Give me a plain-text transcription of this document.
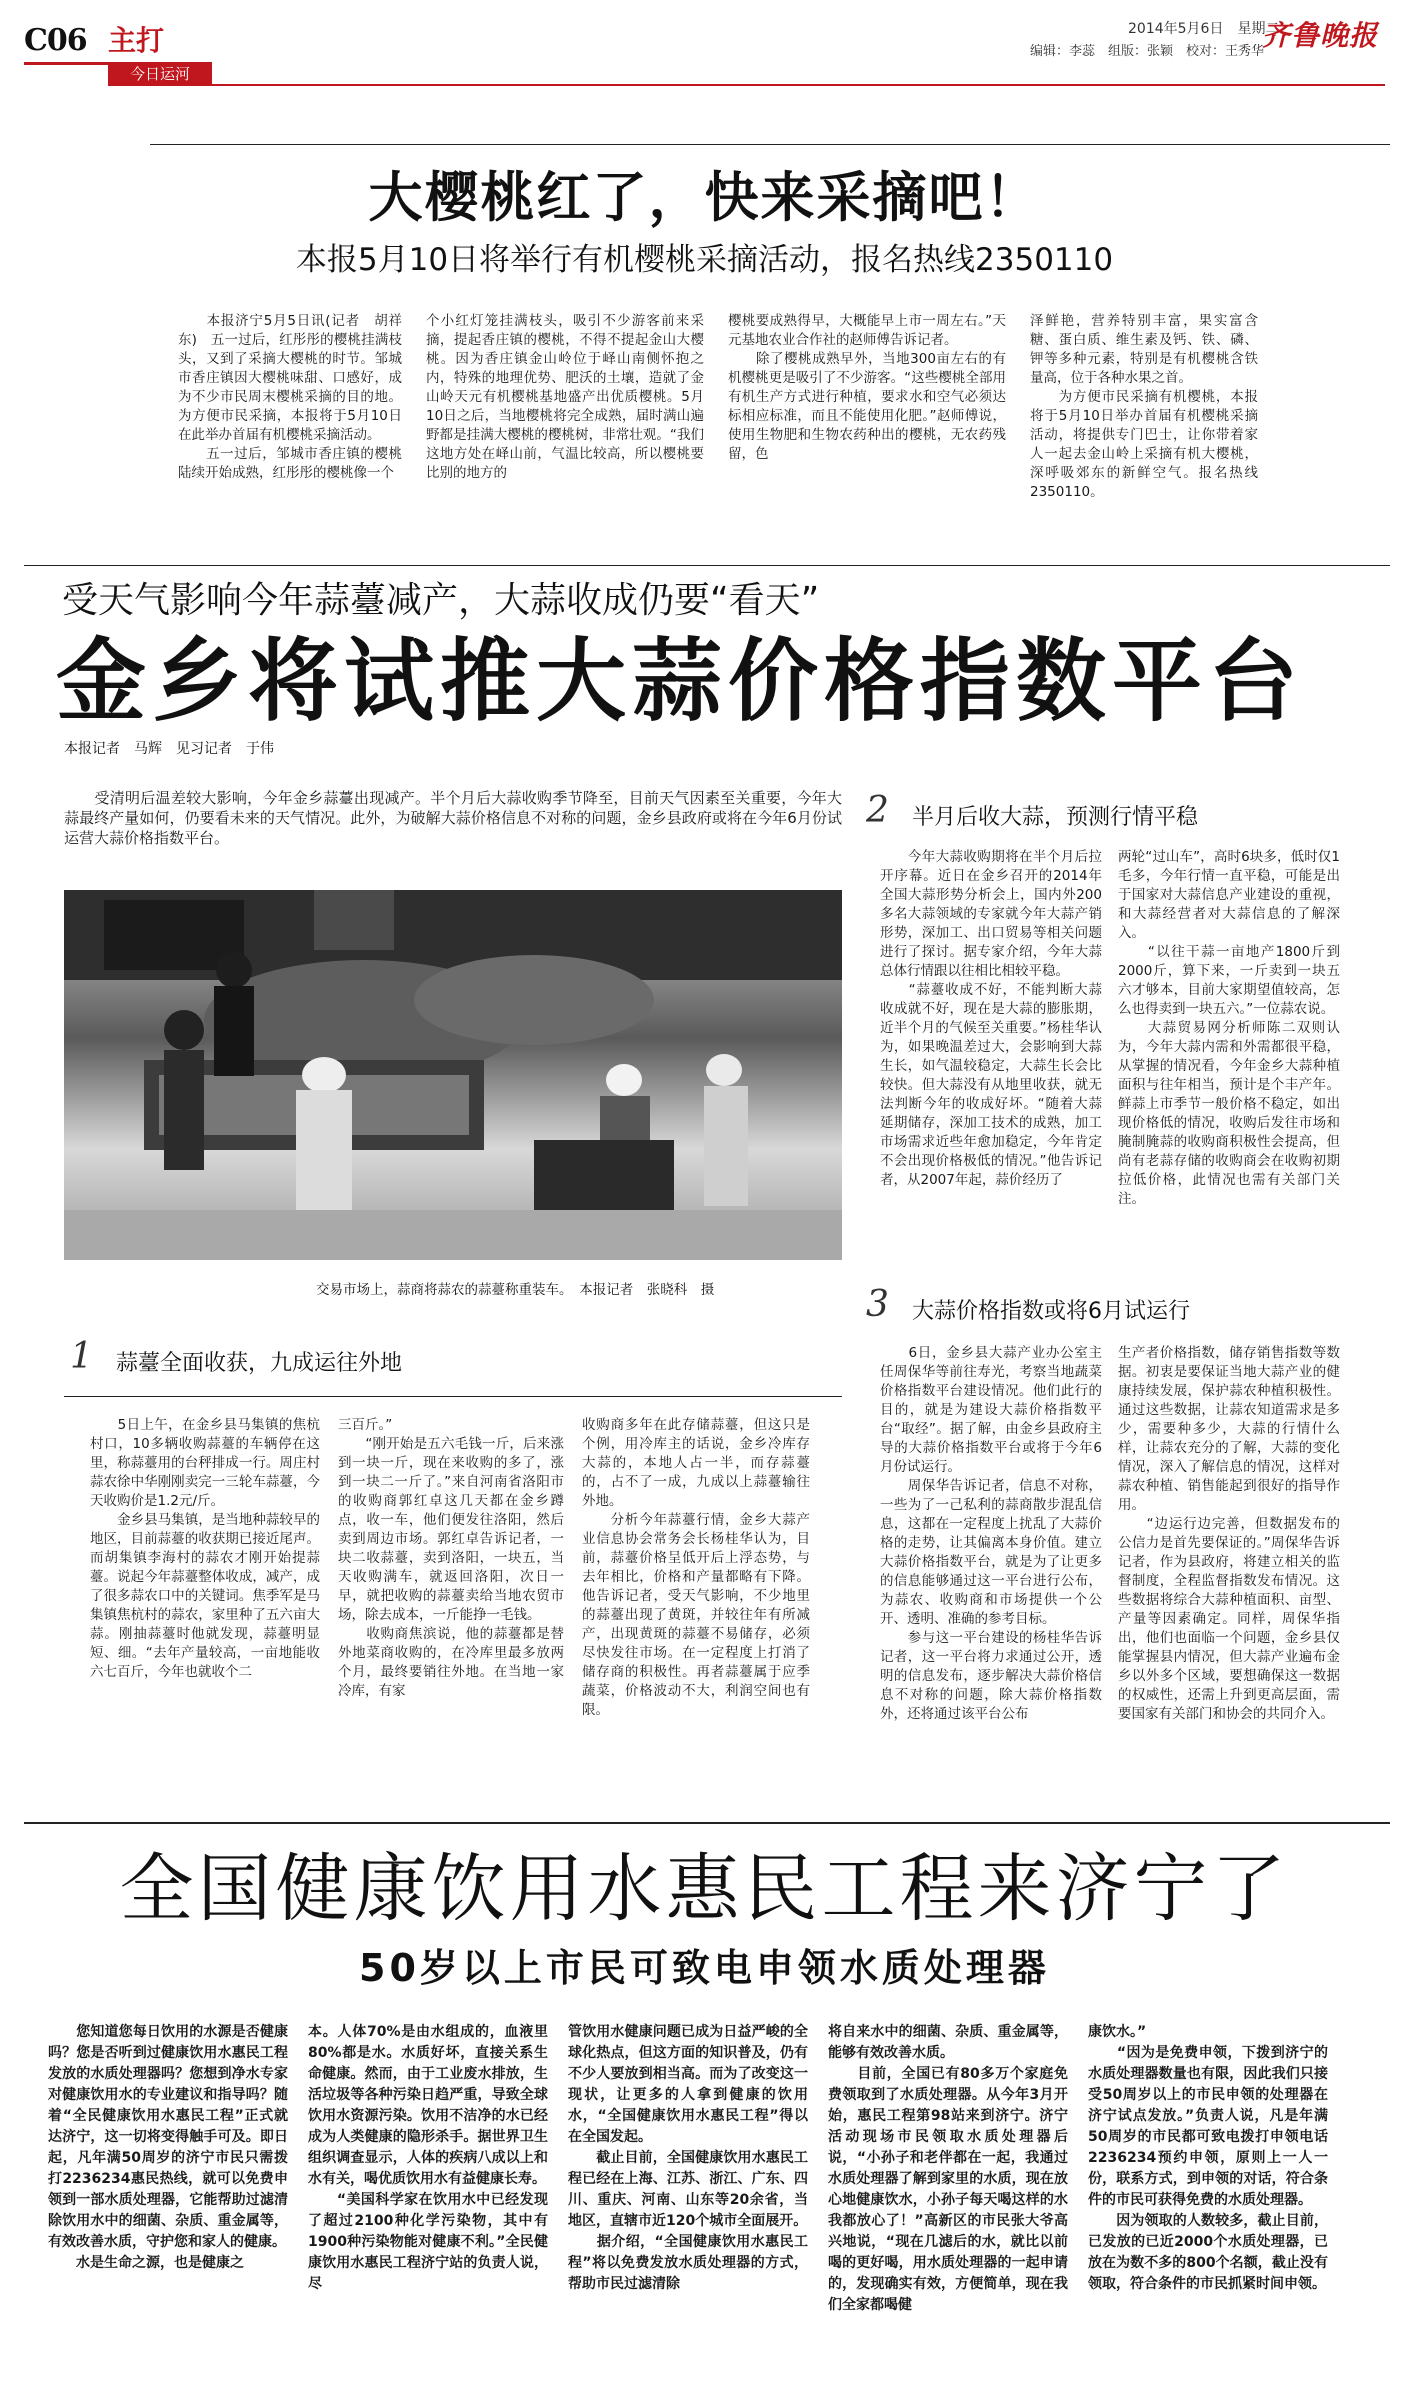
C06 主打
今日运河
2014年5月6日　星期二
编辑：李蕊　组版：张颖　校对：王秀华
齐鲁晚报
大樱桃红了，快来采摘吧！
本报5月10日将举行有机樱桃采摘活动，报名热线2350110
　　本报济宁5月5日讯(记者　胡祥东)　五一过后，红彤彤的樱桃挂满枝头，又到了采摘大樱桃的时节。邹城市香庄镇因大樱桃味甜、口感好，成为不少市民周末樱桃采摘的目的地。为方便市民采摘，本报将于5月10日在此举办首届有机樱桃采摘活动。
　　五一过后，邹城市香庄镇的樱桃陆续开始成熟，红彤彤的樱桃像一个
个小红灯笼挂满枝头，吸引不少游客前来采摘，提起香庄镇的樱桃，不得不提起金山大樱桃。因为香庄镇金山岭位于峄山南侧怀抱之内，特殊的地理优势、肥沃的土壤，造就了金山岭天元有机樱桃基地盛产出优质樱桃。5月10日之后，当地樱桃将完全成熟，届时满山遍野都是挂满大樱桃的樱桃树，非常壮观。“我们这地方处在峄山前，气温比较高，所以樱桃要比别的地方的
樱桃要成熟得早，大概能早上市一周左右。”天元基地农业合作社的赵师傅告诉记者。
　　除了樱桃成熟早外，当地300亩左右的有机樱桃更是吸引了不少游客。“这些樱桃全部用有机生产方式进行种植，要求水和空气必须达标相应标准，而且不能使用化肥。”赵师傅说，使用生物肥和生物农药种出的樱桃，无农药残留，色
泽鲜艳，营养特别丰富，果实富含糖、蛋白质、维生素及钙、铁、磷、钾等多种元素，特别是有机樱桃含铁量高，位于各种水果之首。
　　为方便市民采摘有机樱桃，本报将于5月10日举办首届有机樱桃采摘活动，将提供专门巴士，让你带着家人一起去金山岭上采摘有机大樱桃，深呼吸郊东的新鲜空气。报名热线2350110。
受天气影响今年蒜薹减产，大蒜收成仍要“看天”
金乡将试推大蒜价格指数平台
本报记者　马辉　见习记者　于伟
　　受清明后温差较大影响，今年金乡蒜薹出现减产。半个月后大蒜收购季节降至，目前天气因素至关重要，今年大蒜最终产量如何，仍要看未来的天气情况。此外，为破解大蒜价格信息不对称的问题，金乡县政府或将在今年6月份试运营大蒜价格指数平台。
交易市场上，蒜商将蒜农的蒜薹称重装车。　本报记者　张晓科　摄
1 蒜薹全面收获，九成运往外地
　　5日上午，在金乡县马集镇的焦杭村口，10多辆收购蒜薹的车辆停在这里，称蒜薹用的台秤排成一行。周庄村蒜农徐中华刚刚卖完一三轮车蒜薹，今天收购价是1.2元/斤。
　　金乡县马集镇，是当地种蒜较早的地区，目前蒜薹的收获期已接近尾声。而胡集镇李海村的蒜农才刚开始提蒜薹。说起今年蒜薹整体收成，减产，成了很多蒜农口中的关键词。焦季军是马集镇焦杭村的蒜农，家里种了五六亩大蒜。刚抽蒜薹时他就发现，蒜薹明显短、细。“去年产量较高，一亩地能收六七百斤，今年也就收个二
三百斤。”
　　“刚开始是五六毛钱一斤，后来涨到一块一斤，现在来收购的多了，涨到一块二一斤了。”来自河南省洛阳市的收购商郭红卓这几天都在金乡蹲点，收一车，他们便发往洛阳，然后卖到周边市场。郭红卓告诉记者，一块二收蒜薹，卖到洛阳，一块五，当天收购满车，就返回洛阳，次日一早，就把收购的蒜薹卖给当地农贸市场，除去成本，一斤能挣一毛钱。
　　收购商焦滨说，他的蒜薹都是替外地菜商收购的，在冷库里最多放两个月，最终要销往外地。在当地一家冷库，有家
收购商多年在此存储蒜薹，但这只是个例，用冷库主的话说，金乡冷库存大蒜的，本地人占一半，而存蒜薹的，占不了一成，九成以上蒜薹输往外地。
　　分析今年蒜薹行情，金乡大蒜产业信息协会常务会长杨桂华认为，目前，蒜薹价格呈低开后上浮态势，与去年相比，价格和产量都略有下降。他告诉记者，受天气影响，不少地里的蒜薹出现了黄斑，并较往年有所减产，出现黄斑的蒜薹不易储存，必须尽快发往市场。在一定程度上打消了储存商的积极性。再者蒜薹属于应季蔬菜，价格波动不大，利润空间也有限。
2 半月后收大蒜，预测行情平稳
　　今年大蒜收购期将在半个月后拉开序幕。近日在金乡召开的2014年全国大蒜形势分析会上，国内外200多名大蒜领域的专家就今年大蒜产销形势，深加工、出口贸易等相关问题进行了探讨。据专家介绍，今年大蒜总体行情跟以往相比相较平稳。
　　“蒜薹收成不好，不能判断大蒜收成就不好，现在是大蒜的膨胀期，近半个月的气候至关重要。”杨桂华认为，如果晚温差过大，会影响到大蒜生长，如气温较稳定，大蒜生长会比较快。但大蒜没有从地里收获，就无法判断今年的收成好坏。“随着大蒜延期储存，深加工技术的成熟，加工市场需求近些年愈加稳定，今年肯定不会出现价格极低的情况。”他告诉记者，从2007年起，蒜价经历了
两轮“过山车”，高时6块多，低时仅1毛多，今年行情一直平稳，可能是出于国家对大蒜信息产业建设的重视，和大蒜经营者对大蒜信息的了解深入。
　　“以往干蒜一亩地产1800斤到2000斤，算下来，一斤卖到一块五六才够本，目前大家期望值较高，怎么也得卖到一块五六。”一位蒜农说。
　　大蒜贸易网分析师陈二双则认为，今年大蒜内需和外需都很平稳，从掌握的情况看，今年金乡大蒜种植面积与往年相当，预计是个丰产年。鲜蒜上市季节一般价格不稳定，如出现价格低的情况，收购后发往市场和腌制腌蒜的收购商积极性会提高，但尚有老蒜存储的收购商会在收购初期拉低价格，此情况也需有关部门关注。
3 大蒜价格指数或将6月试运行
　　6日，金乡县大蒜产业办公室主任周保华等前往寿光，考察当地蔬菜价格指数平台建设情况。他们此行的目的，就是为建设大蒜价格指数平台“取经”。据了解，由金乡县政府主导的大蒜价格指数平台或将于今年6月份试运行。
　　周保华告诉记者，信息不对称，一些为了一己私利的蒜商散步混乱信息，这都在一定程度上扰乱了大蒜价格的走势，让其偏离本身价值。建立大蒜价格指数平台，就是为了让更多的信息能够通过这一平台进行公布，为蒜农、收购商和市场提供一个公开、透明、准确的参考目标。
　　参与这一平台建设的杨桂华告诉记者，这一平台将力求通过公开，透明的信息发布，逐步解决大蒜价格信息不对称的问题，除大蒜价格指数外，还将通过该平台公布
生产者价格指数，储存销售指数等数据。初衷是要保证当地大蒜产业的健康持续发展，保护蒜农种植积极性。通过这些数据，让蒜农知道需求是多少，需要种多少，大蒜的行情什么样，让蒜农充分的了解，大蒜的变化情况，深入了解信息的情况，这样对蒜农种植、销售能起到很好的指导作用。
　　“边运行边完善，但数据发布的公信力是首先要保证的。”周保华告诉记者，作为县政府，将建立相关的监督制度，全程监督指数发布情况。这些数据将综合大蒜种植面积、亩型、产量等因素确定。同样，周保华指出，他们也面临一个问题，金乡县仅能掌握县内情况，但大蒜产业遍布金乡以外多个区域，要想确保这一数据的权威性，还需上升到更高层面，需要国家有关部门和协会的共同介入。
全国健康饮用水惠民工程来济宁了
50岁以上市民可致电申领水质处理器
　　您知道您每日饮用的水源是否健康吗？您是否听到过健康饮用水惠民工程发放的水质处理器吗？您想到净水专家对健康饮用水的专业建议和指导吗？随着“全民健康饮用水惠民工程”正式就达济宁，这一切将变得触手可及。即日起，凡年满50周岁的济宁市民只需拨打2236234惠民热线，就可以免费申领到一部水质处理器，它能帮助过滤清除饮用水中的细菌、杂质、重金属等，有效改善水质，守护您和家人的健康。
　　水是生命之源，也是健康之
本。人体70%是由水组成的，血液里80%都是水。水质好坏，直接关系生命健康。然而，由于工业废水排放，生活垃圾等各种污染日趋严重，导致全球饮用水资源污染。饮用不洁净的水已经成为人类健康的隐形杀手。据世界卫生组织调查显示，人体的疾病八成以上和水有关，喝优质饮用水有益健康长寿。
　　“美国科学家在饮用水中已经发现了超过2100种化学污染物，其中有1900种污染物能对健康不利。”全民健康饮用水惠民工程济宁站的负责人说，尽
管饮用水健康问题已成为日益严峻的全球化热点，但这方面的知识普及，仍有不少人要放到相当高。而为了改变这一现状，让更多的人拿到健康的饮用水，“全国健康饮用水惠民工程”得以在全国发起。
　　截止目前，全国健康饮用水惠民工程已经在上海、江苏、浙江、广东、四川、重庆、河南、山东等20余省，当地区，直辖市近120个城市全面展开。
　　据介绍，“全国健康饮用水惠民工程”将以免费发放水质处理器的方式，帮助市民过滤清除
将自来水中的细菌、杂质、重金属等，能够有效改善水质。
　　目前，全国已有80多万个家庭免费领取到了水质处理器。从今年3月开始，惠民工程第98站来到济宁。济宁活动现场市民领取水质处理器后说，“小孙子和老伴都在一起，我通过水质处理器了解到家里的水质，现在放心地健康饮水，小孙子每天喝这样的水我都放心了！”高新区的市民张大爷高兴地说，“现在几滤后的水，就比以前喝的更好喝，用水质处理器的一起申请的，发现确实有效，方便简单，现在我们全家都喝健
康饮水。”
　　“因为是免费申领，下拨到济宁的水质处理器数量也有限，因此我们只接受50周岁以上的市民申领的处理器在济宁试点发放。”负责人说，凡是年满50周岁的市民都可致电拨打申领电话2236234预约申领，原则上一人一份，联系方式，到申领的对话，符合条件的市民可获得免费的水质处理器。
　　因为领取的人数较多，截止目前，已发放的已近2000个水质处理器，已放在为数不多的800个名额，截止没有领取，符合条件的市民抓紧时间申领。
